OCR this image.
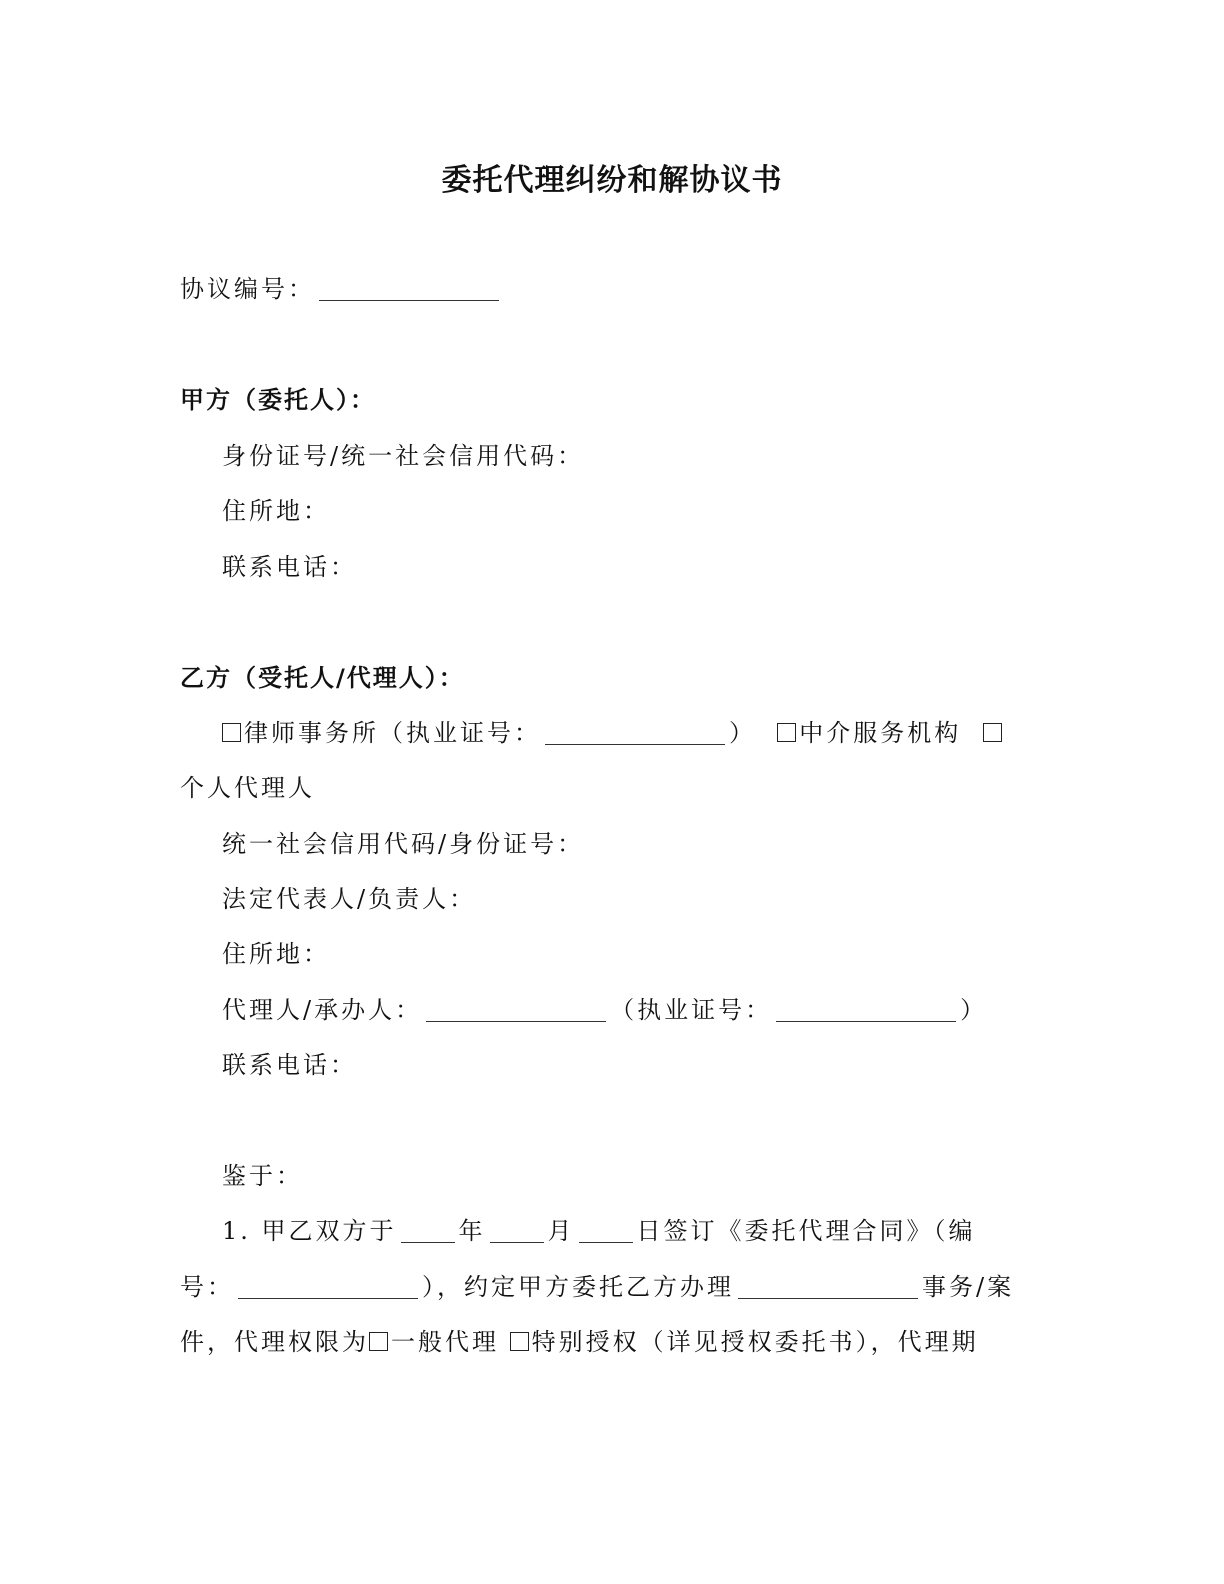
委托代理纠纷和解协议书
协议编号：
甲方（委托人）：
身份证号/统一社会信用代码：
住所地：
联系电话：
乙方（受托人/代理人）：
律师事务所（执业证号：	） 中介服务机构
个人代理人
统一社会信用代码/身份证号：
法定代表人/负责人：
住所地：
代理人/承办人：	（执业证号：	）
联系电话：
鉴于：
1. 甲乙双方于	年	月	日签订《委托代理合同》（编
号：	），约定甲方委托乙方办理	事务/案
件，代理权限为 一般代理 特别授权（详见授权委托书），代理期
